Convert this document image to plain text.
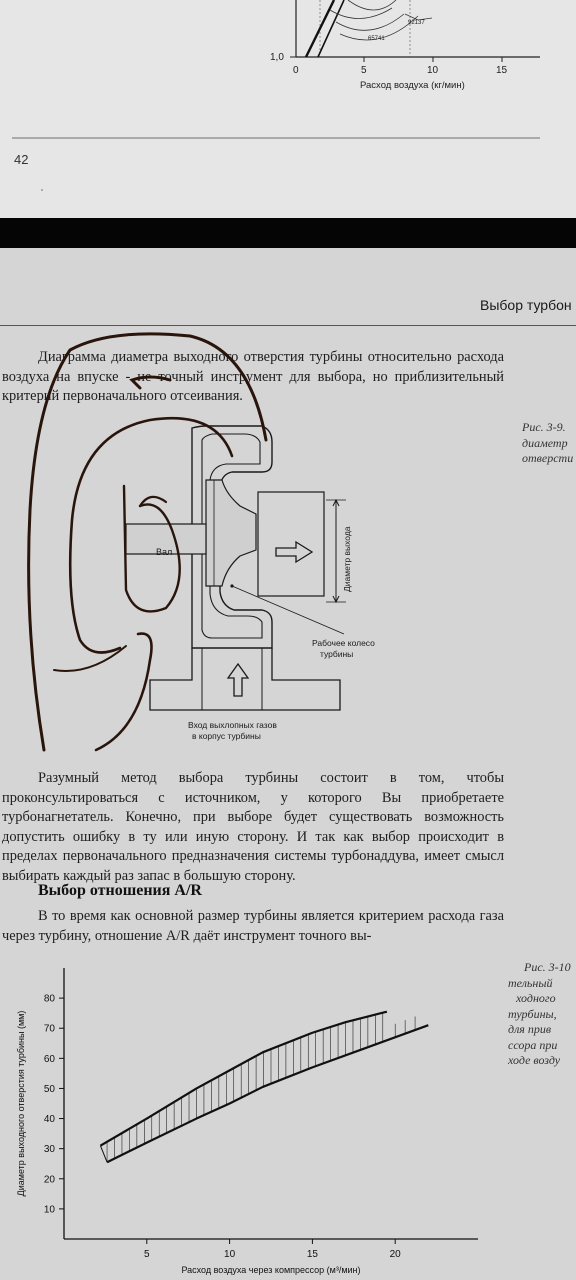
65741
92137
1,0
0	5	10	15
Расход воздуха (кг/мин)
42
Выбор турбон

Диаграмма диаметра выходного отверстия турбины относительно расхода воздуха на впуске - не точный инструмент для выбора, но приблизительный критерий первоначального отсеивания.

Рис. 3-9.
диаметр
отверсти
Вал	Диаметр выхода
Рабочее колесо
турбины
Вход выхлопных газов
в корпус турбины

Разумный метод выбора турбины состоит в том, чтобы проконсультироваться с источником, у которого Вы приобретаете турбонагнетатель. Конечно, при выборе будет существовать возможность допустить ошибку в ту или иную сторону. И так как выбор происходит в пределах первоначального предназначения системы турбонаддува, имеет смысл выбирать каждый раз запас в большую сторону.

Выбор отношения A/R

В то время как основной размер турбины является критерием расхода газа через турбину, отношение A/R даёт инструмент точного вы-

Рис. 3-10
тельный
ходного
турбины,
для прив
ссора при
ходе возду
5	10	15	20
10
20
30
40
50
60
70
80
Расход воздуха через компрессор (м³/мин)
Диаметр выходного отверстия турбины (мм)
